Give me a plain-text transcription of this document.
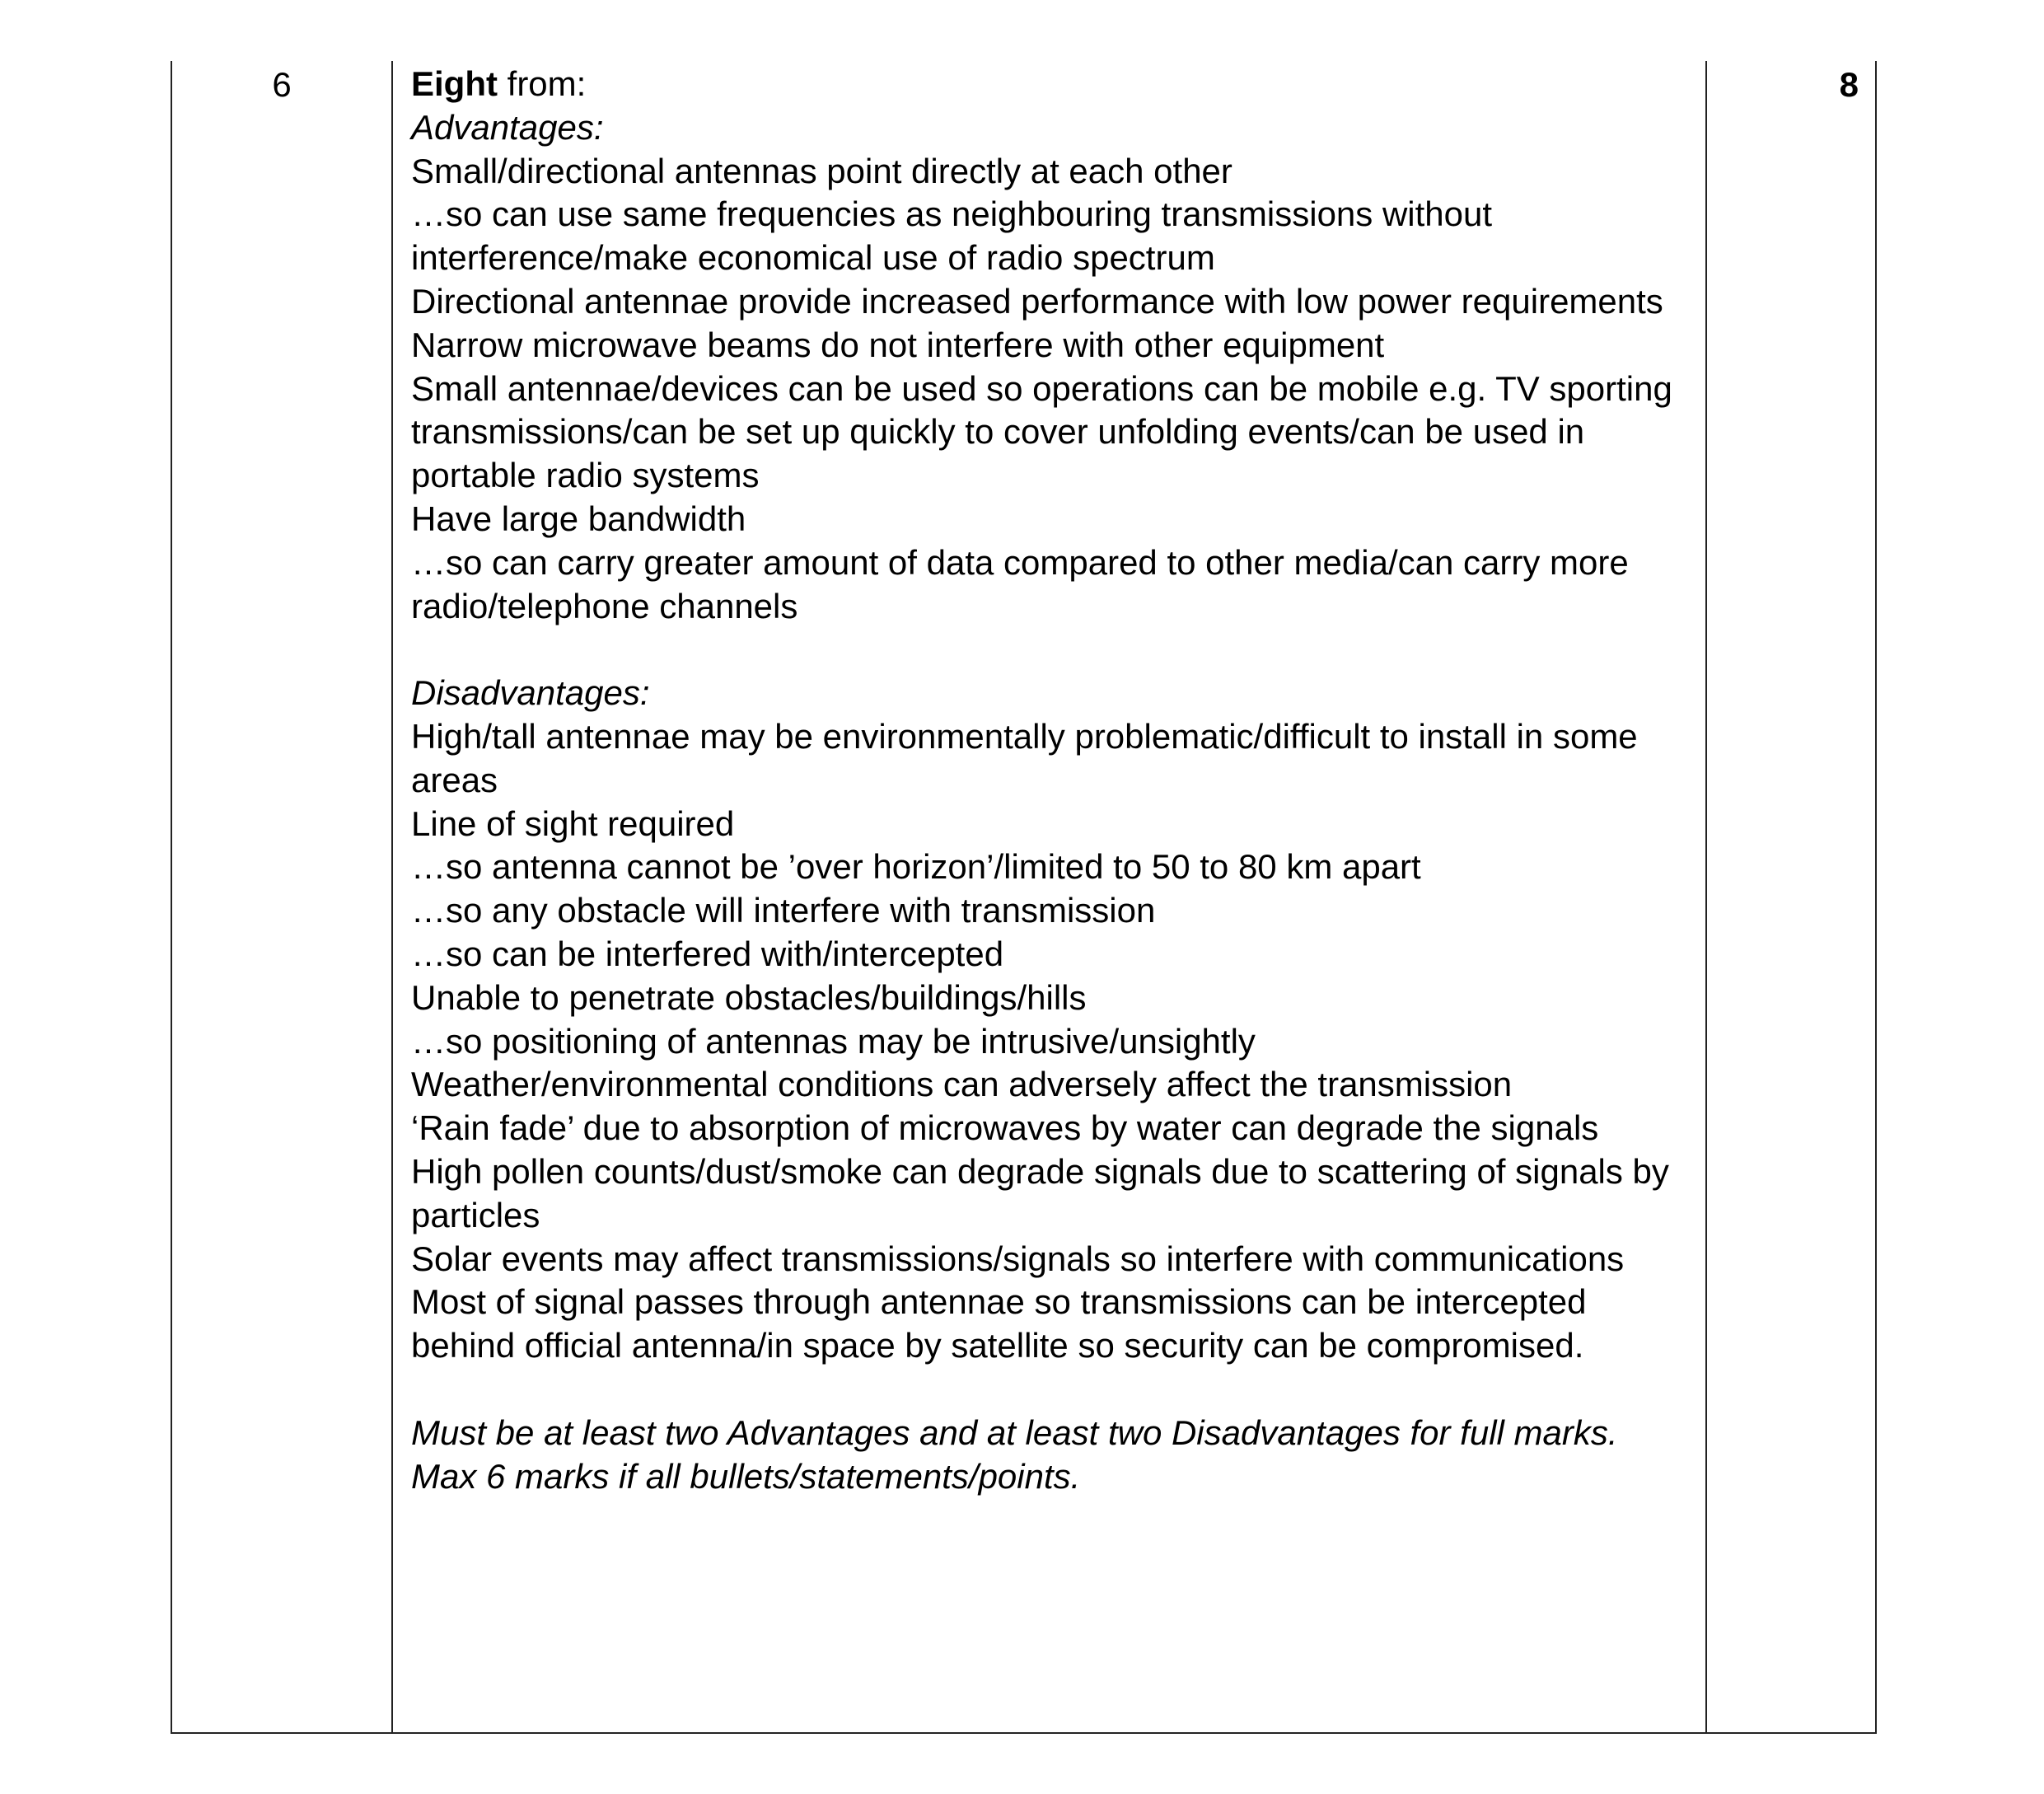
6	Eight from:
Advantages:
Small/directional antennas point directly at each other
…so can use same frequencies as neighbouring transmissions without interference/make economical use of radio spectrum
Directional antennae provide increased performance with low power requirements
Narrow microwave beams do not interfere with other equipment
Small antennae/devices can be used so operations can be mobile e.g. TV sporting transmissions/can be set up quickly to cover unfolding events/can be used in portable radio systems
Have large bandwidth
…so can carry greater amount of data compared to other media/can carry more radio/telephone channels
Disadvantages:
High/tall antennae may be environmentally problematic/difficult to install in some areas
Line of sight required
…so antenna cannot be ’over horizon’/limited to 50 to 80 km apart
…so any obstacle will interfere with transmission
…so can be interfered with/intercepted
Unable to penetrate obstacles/buildings/hills
…so positioning of antennas may be intrusive/unsightly
Weather/environmental conditions can adversely affect the transmission
‘Rain fade’ due to absorption of microwaves by water can degrade the signals
High pollen counts/dust/smoke can degrade signals due to scattering of signals by particles
Solar events may affect transmissions/signals so interfere with communications
Most of signal passes through antennae so transmissions can be intercepted behind official antenna/in space by satellite so security can be compromised.
Must be at least two Advantages and at least two Disadvantages for full marks.
Max 6 marks if all bullets/statements/points.
8
